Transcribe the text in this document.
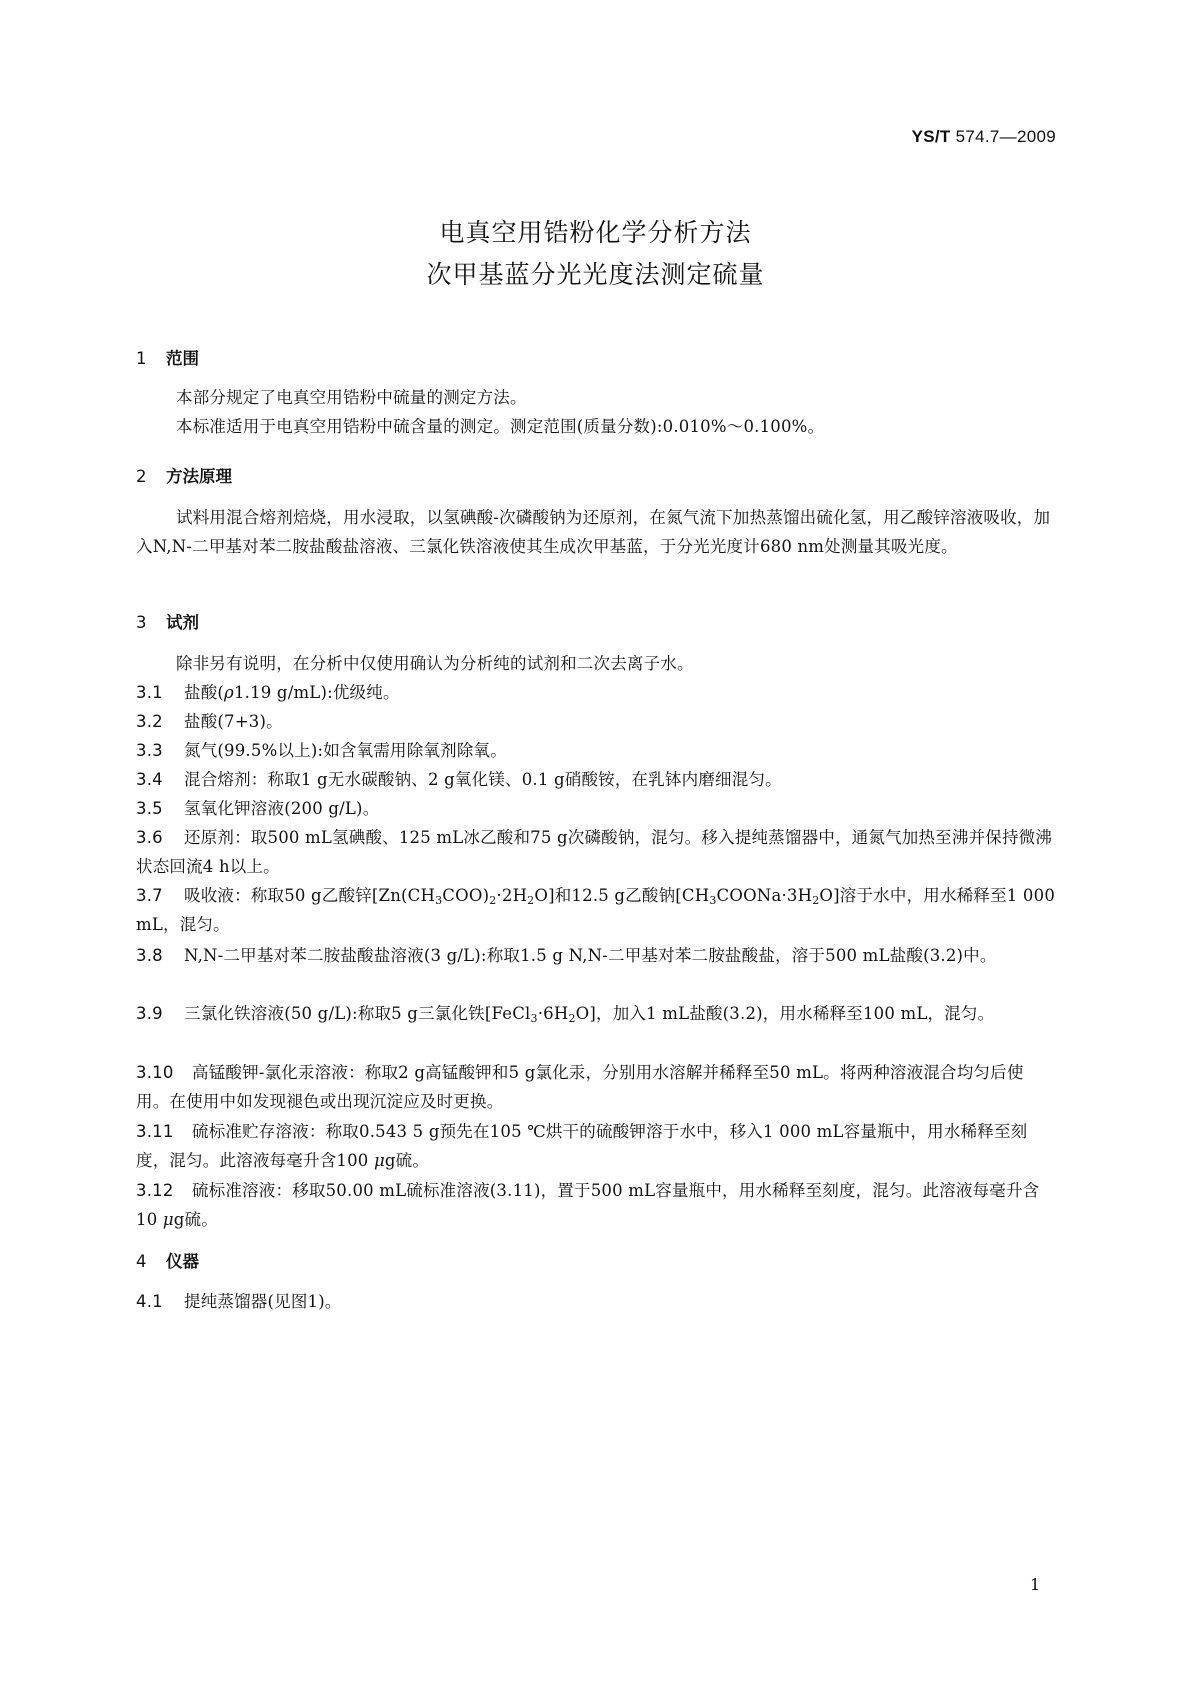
YS/T 574.7—2009
电真空用锆粉化学分析方法
次甲基蓝分光光度法测定硫量
1 范围
本部分规定了电真空用锆粉中硫量的测定方法。
本标准适用于电真空用锆粉中硫含量的测定。测定范围(质量分数):0.010%～0.100%。
2 方法原理
试料用混合熔剂焙烧，用水浸取，以氢碘酸-次磷酸钠为还原剂，在氮气流下加热蒸馏出硫化氢，用乙酸锌溶液吸收，加入N,N-二甲基对苯二胺盐酸盐溶液、三氯化铁溶液使其生成次甲基蓝，于分光光度计680 nm处测量其吸光度。
3 试剂
除非另有说明，在分析中仅使用确认为分析纯的试剂和二次去离子水。
3.1 盐酸(ρ1.19 g/mL):优级纯。
3.2 盐酸(7+3)。
3.3 氮气(99.5%以上):如含氧需用除氧剂除氧。
3.4 混合熔剂：称取1 g无水碳酸钠、2 g氧化镁、0.1 g硝酸铵，在乳钵内磨细混匀。
3.5 氢氧化钾溶液(200 g/L)。
3.6 还原剂：取500 mL氢碘酸、125 mL冰乙酸和75 g次磷酸钠，混匀。移入提纯蒸馏器中，通氮气加热至沸并保持微沸状态回流4 h以上。
3.7 吸收液：称取50 g乙酸锌$[Zn(CH_3COO)_2\cdot 2H_2O]$和12.5 g乙酸钠$[CH_3COONa\cdot 3H_2O]$溶于水中，用水稀释至1 000 mL，混匀。
3.8 N,N-二甲基对苯二胺盐酸盐溶液(3 g/L):称取1.5 g N,N-二甲基对苯二胺盐酸盐，溶于500 mL盐酸(3.2)中。
3.9 三氯化铁溶液(50 g/L):称取5 g三氯化铁$[FeCl_3\cdot 6H_2O]$，加入1 mL盐酸(3.2)，用水稀释至100 mL，混匀。
3.10 高锰酸钾-氯化汞溶液：称取2 g高锰酸钾和5 g氯化汞，分别用水溶解并稀释至50 mL。将两种溶液混合均匀后使用。在使用中如发现褪色或出现沉淀应及时更换。
3.11 硫标准贮存溶液：称取0.543 5 g预先在105 ℃烘干的硫酸钾溶于水中，移入1 000 mL容量瓶中，用水稀释至刻度，混匀。此溶液每毫升含100 μg硫。
3.12 硫标准溶液：移取50.00 mL硫标准溶液(3.11)，置于500 mL容量瓶中，用水稀释至刻度，混匀。此溶液每毫升含10 μg硫。
4 仪器
4.1 提纯蒸馏器(见图1)。
1
